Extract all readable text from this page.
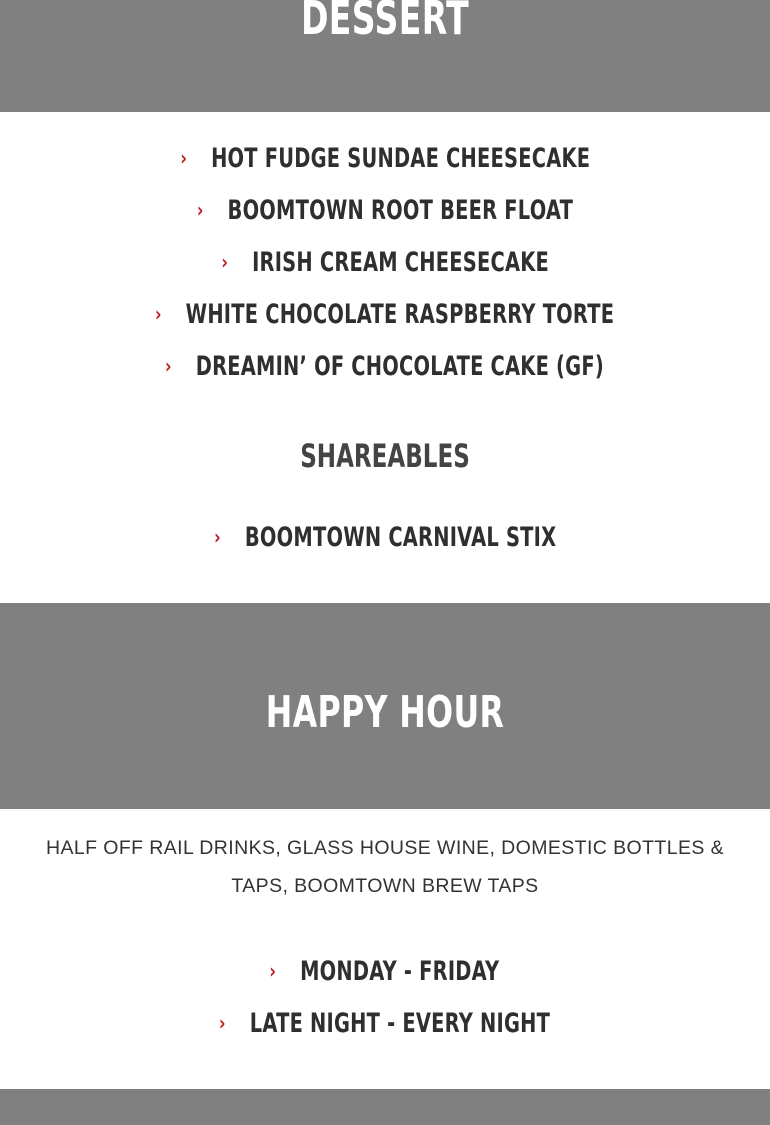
DESSERT
› HOT FUDGE SUNDAE CHEESECAKE
› BOOMTOWN ROOT BEER FLOAT
› IRISH CREAM CHEESECAKE
› WHITE CHOCOLATE RASPBERRY TORTE
› DREAMIN’ OF CHOCOLATE CAKE (GF)
SHAREABLES
› BOOMTOWN CARNIVAL STIX
HAPPY HOUR

HALF OFF RAIL DRINKS, GLASS HOUSE WINE, DOMESTIC BOTTLES & TAPS, BOOMTOWN BREW TAPS

› MONDAY - FRIDAY
› LATE NIGHT - EVERY NIGHT
